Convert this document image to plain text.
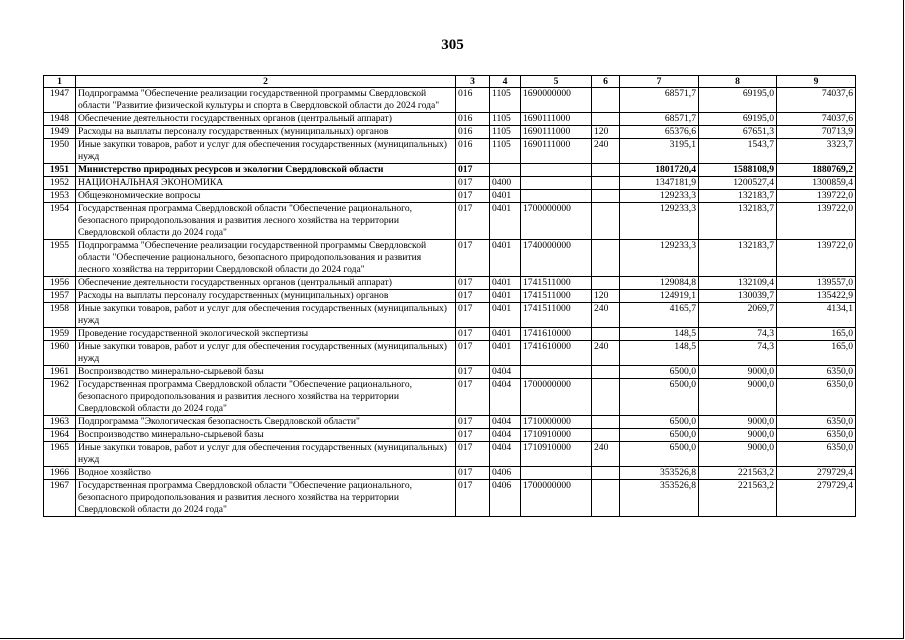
305
1	2	3	4	5	6	7	8	9
1947	Подпрограмма "Обеспечение реализации государственной программы Свердловской области "Развитие физической культуры и спорта в Свердловской области до 2024 года"	016	1105	1690000000		68571,7	69195,0	74037,6
1948	Обеспечение деятельности государственных органов (центральный аппарат)	016	1105	1690111000		68571,7	69195,0	74037,6
1949	Расходы на выплаты персоналу государственных (муниципальных) органов	016	1105	1690111000	120	65376,6	67651,3	70713,9
1950	Иные закупки товаров, работ и услуг для обеспечения государственных (муниципальных) нужд	016	1105	1690111000	240	3195,1	1543,7	3323,7
1951	Министерство природных ресурсов и экологии Свердловской области	017				1801720,4	1588108,9	1880769,2
1952	НАЦИОНАЛЬНАЯ ЭКОНОМИКА	017	0400			1347181,9	1200527,4	1300859,4
1953	Общеэкономические вопросы	017	0401			129233,3	132183,7	139722,0
1954	Государственная программа Свердловской области "Обеспечение рационального, безопасного природопользования и развития лесного хозяйства на территории Свердловской области до 2024 года"	017	0401	1700000000		129233,3	132183,7	139722,0
1955	Подпрограмма "Обеспечение реализации государственной программы Свердловской области "Обеспечение рационального, безопасного природопользования и развития лесного хозяйства на территории Свердловской области до 2024 года"	017	0401	1740000000		129233,3	132183,7	139722,0
1956	Обеспечение деятельности государственных органов (центральный аппарат)	017	0401	1741511000		129084,8	132109,4	139557,0
1957	Расходы на выплаты персоналу государственных (муниципальных) органов	017	0401	1741511000	120	124919,1	130039,7	135422,9
1958	Иные закупки товаров, работ и услуг для обеспечения государственных (муниципальных) нужд	017	0401	1741511000	240	4165,7	2069,7	4134,1
1959	Проведение государственной экологической экспертизы	017	0401	1741610000		148,5	74,3	165,0
1960	Иные закупки товаров, работ и услуг для обеспечения государственных (муниципальных) нужд	017	0401	1741610000	240	148,5	74,3	165,0
1961	Воспроизводство минерально-сырьевой базы	017	0404			6500,0	9000,0	6350,0
1962	Государственная программа Свердловской области "Обеспечение рационального, безопасного природопользования и развития лесного хозяйства на территории Свердловской области до 2024 года"	017	0404	1700000000		6500,0	9000,0	6350,0
1963	Подпрограмма "Экологическая безопасность Свердловской области"	017	0404	1710000000		6500,0	9000,0	6350,0
1964	Воспроизводство минерально-сырьевой базы	017	0404	1710910000		6500,0	9000,0	6350,0
1965	Иные закупки товаров, работ и услуг для обеспечения государственных (муниципальных) нужд	017	0404	1710910000	240	6500,0	9000,0	6350,0
1966	Водное хозяйство	017	0406			353526,8	221563,2	279729,4
1967	Государственная программа Свердловской области "Обеспечение рационального, безопасного природопользования и развития лесного хозяйства на территории Свердловской области до 2024 года"	017	0406	1700000000		353526,8	221563,2	279729,4
